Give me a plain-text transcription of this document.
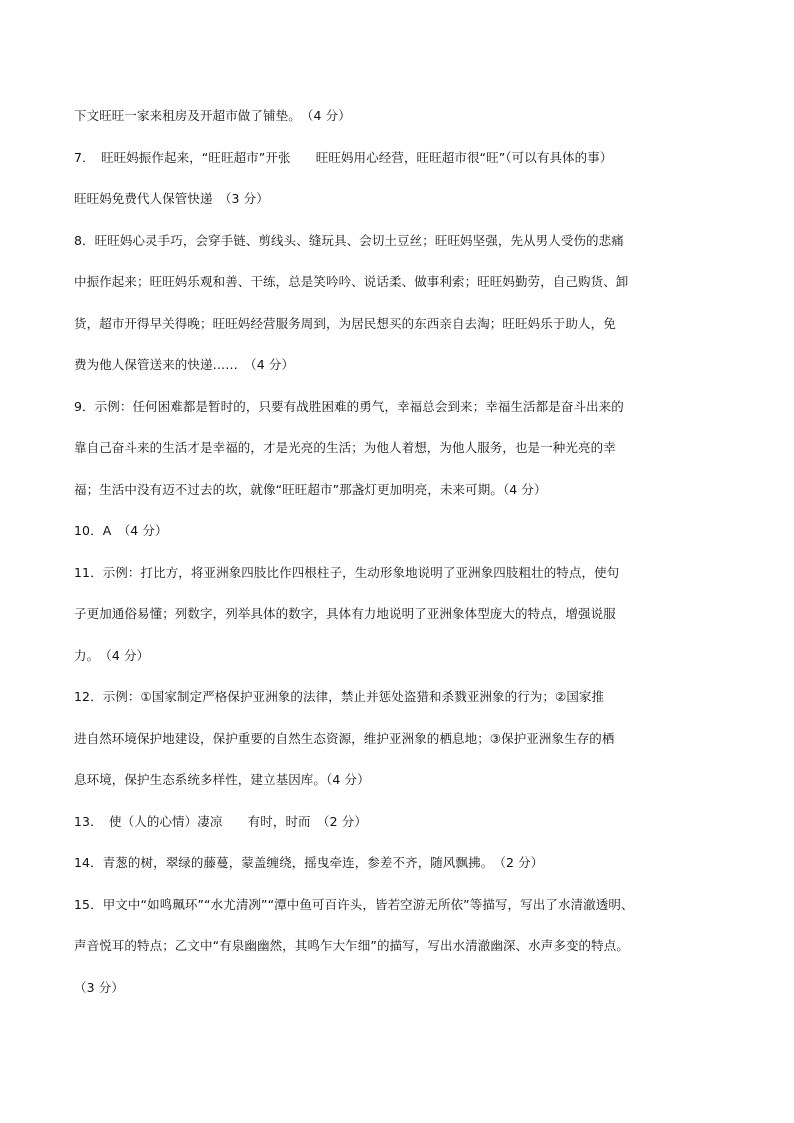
下文旺旺一家来租房及开超市做了铺垫。　（4 分）
7．　旺旺妈振作起来，“旺旺超市”开张　　旺旺妈用心经营，旺旺超市很“旺”（可以有具体的事）
旺旺妈免费代人保管快递　（3 分）
8．旺旺妈心灵手巧，会穿手链、剪线头、缝玩具、会切土豆丝；旺旺妈坚强，先从男人受伤的悲痛
中振作起来；旺旺妈乐观和善、干练，总是笑吟吟、说话柔、做事利索；旺旺妈勤劳，自己购货、卸
货，超市开得早关得晚；旺旺妈经营服务周到，为居民想买的东西亲自去淘；旺旺妈乐于助人，免
费为他人保管送来的快递……　（4 分）
9．示例：任何困难都是暂时的，只要有战胜困难的勇气，幸福总会到来；幸福生活都是奋斗出来的
靠自己奋斗来的生活才是幸福的，才是光亮的生活；为他人着想，为他人服务，也是一种光亮的幸
福；生活中没有迈不过去的坎，就像“旺旺超市”那盏灯更加明亮，未来可期。（4 分）
10．A　（4 分）
11．示例：打比方，将亚洲象四肢比作四根柱子，生动形象地说明了亚洲象四肢粗壮的特点，使句
子更加通俗易懂；列数字，列举具体的数字，具体有力地说明了亚洲象体型庞大的特点，增强说服
力。　（4 分）
12．示例：①国家制定严格保护亚洲象的法律，禁止并惩处盗猎和杀戮亚洲象的行为；②国家推
进自然环境保护地建设，保护重要的自然生态资源，维护亚洲象的栖息地；③保护亚洲象生存的栖
息环境，保护生态系统多样性，建立基因库。（4 分）
13．　使（人的心情）凄凉　　有时，时而　（2 分）
14．青葱的树，翠绿的藤蔓，蒙盖缠绕，摇曳牵连，参差不齐，随风飘拂。　（2 分）
15．甲文中“如鸣珮环”“水尤清冽”“潭中鱼可百许头，皆若空游无所依”等描写，写出了水清澈透明、
声音悦耳的特点；乙文中“有泉幽幽然，其鸣乍大乍细”的描写，写出水清澈幽深、水声多变的特点。
（3 分）
